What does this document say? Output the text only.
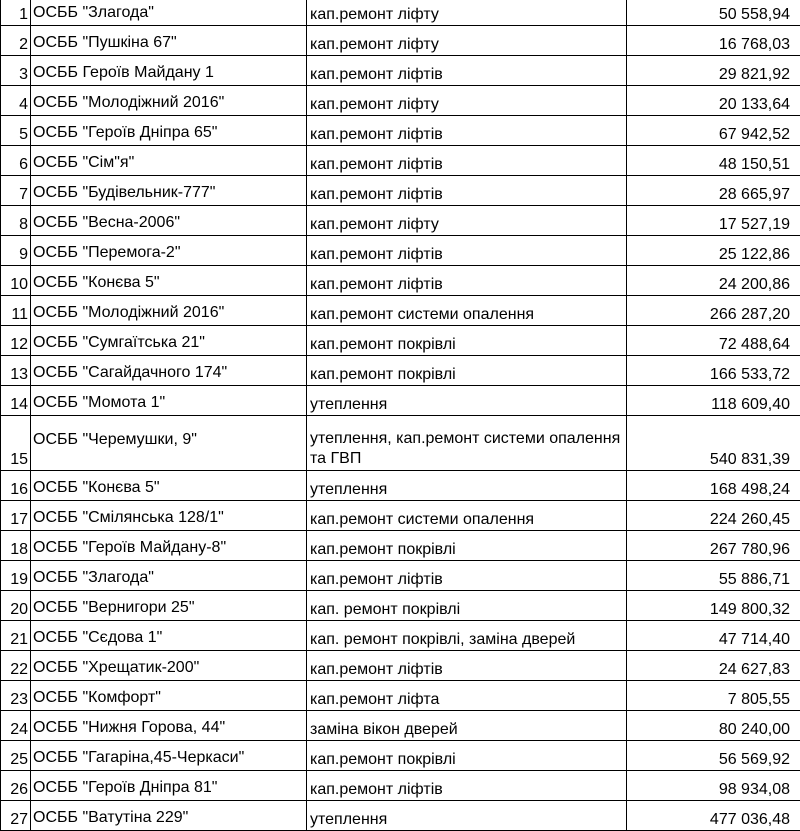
1	ОСББ "Злагода"	кап.ремонт ліфту	50 558,94
2	ОСББ "Пушкіна 67"	кап.ремонт ліфту	16 768,03
3	ОСББ Героїв Майдану 1	кап.ремонт ліфтів	29 821,92
4	ОСББ "Молодіжний 2016"	кап.ремонт ліфту	20 133,64
5	ОСББ "Героїв Дніпра 65"	кап.ремонт ліфтів	67 942,52
6	ОСББ "Сім"я"	кап.ремонт ліфтів	48 150,51
7	ОСББ "Будівельник-777"	кап.ремонт ліфтів	28 665,97
8	ОСББ "Весна-2006"	кап.ремонт ліфту	17 527,19
9	ОСББ "Перемога-2"	кап.ремонт ліфтів	25 122,86
10	ОСББ "Конєва 5"	кап.ремонт ліфтів	24 200,86
11	ОСББ "Молодіжний 2016"	кап.ремонт системи опалення	266 287,20
12	ОСББ "Сумгаїтська 21"	кап.ремонт покрівлі	72 488,64
13	ОСББ "Сагайдачного 174"	кап.ремонт покрівлі	166 533,72
14	ОСББ "Момота 1"	утеплення	118 609,40
15	ОСББ "Черемушки, 9"	утеплення, кап.ремонт системи опалення та ГВП	540 831,39
16	ОСББ "Конєва 5"	утеплення	168 498,24
17	ОСББ "Смілянська 128/1"	кап.ремонт системи опалення	224 260,45
18	ОСББ "Героїв Майдану-8"	кап.ремонт покрівлі	267 780,96
19	ОСББ "Злагода"	кап.ремонт ліфтів	55 886,71
20	ОСББ "Вернигори 25"	кап. ремонт покрівлі	149 800,32
21	ОСББ "Сєдова 1"	кап. ремонт покрівлі, заміна дверей	47 714,40
22	ОСББ "Хрещатик-200"	кап.ремонт ліфтів	24 627,83
23	ОСББ "Комфорт"	кап.ремонт ліфта	7 805,55
24	ОСББ "Нижня Горова, 44"	заміна вікон дверей	80 240,00
25	ОСББ "Гагаріна,45-Черкаси"	кап.ремонт покрівлі	56 569,92
26	ОСББ "Героїв Дніпра 81"	кап.ремонт ліфтів	98 934,08
27	ОСББ "Ватутіна 229"	утеплення	477 036,48
